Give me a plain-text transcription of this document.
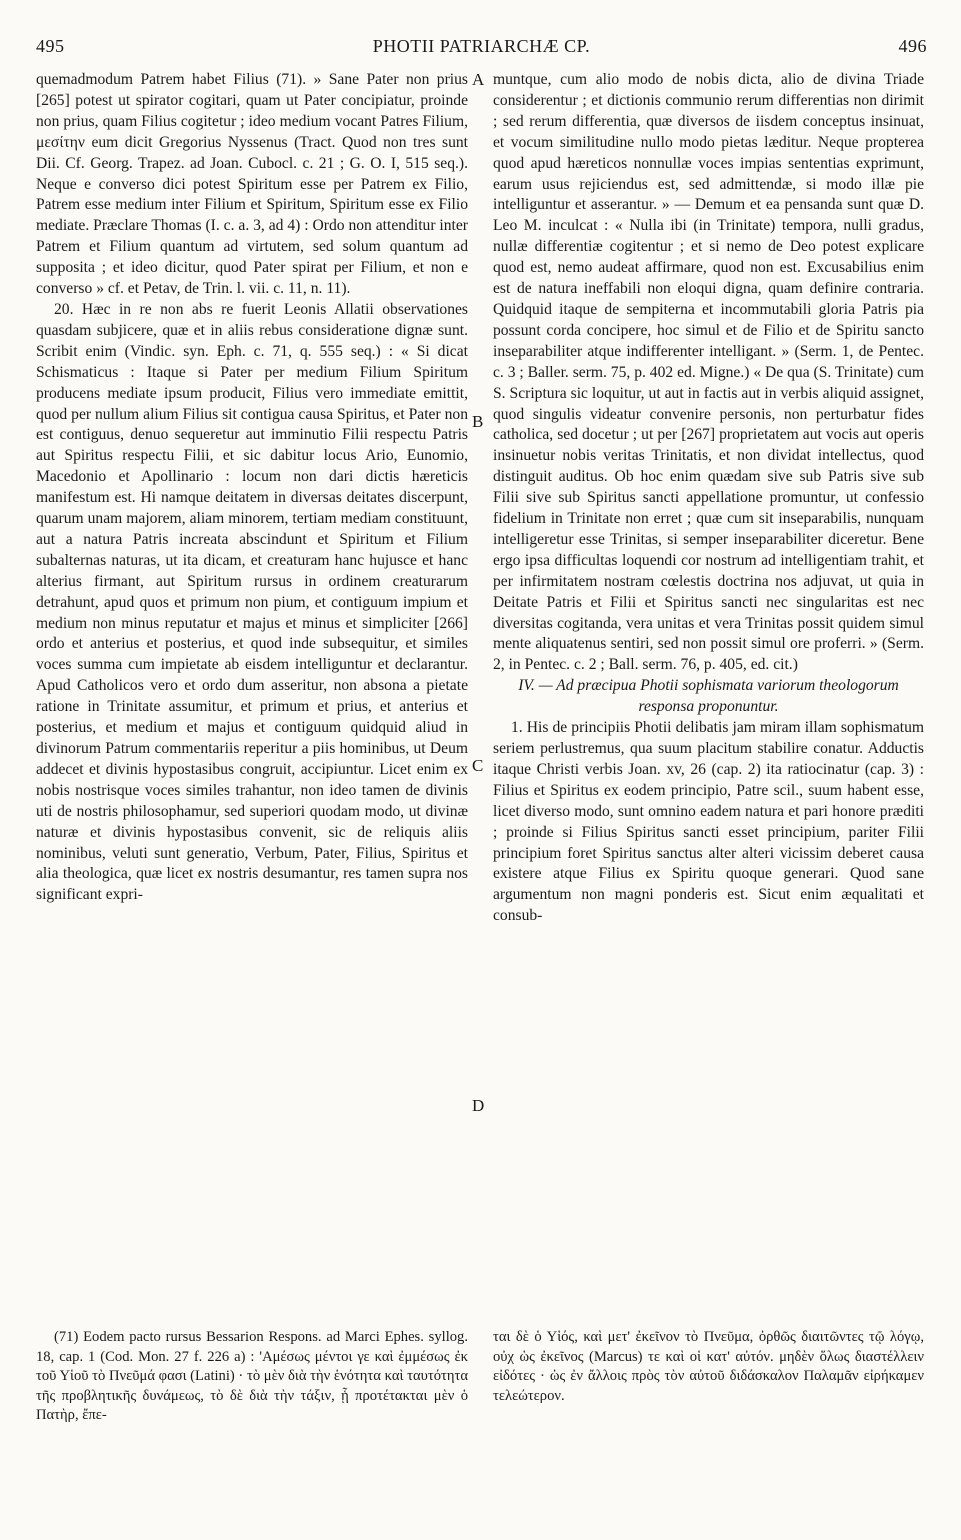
495	PHOTII PATRIARCHÆ CP.	496

quemadmodum Patrem habet Filius (71). » Sane Pater non prius [265] potest ut spirator cogitari, quam ut Pater concipiatur, proinde non prius, quam Filius cogitetur ; ideo medium vocant Patres Filium, μεσίτην eum dicit Gregorius Nyssenus (Tract. Quod non tres sunt Dii. Cf. Georg. Trapez. ad Joan. Cubocl. c. 21 ; G. O. I, 515 seq.). Neque e converso dici potest Spiritum esse per Patrem ex Filio, Patrem esse medium inter Filium et Spiritum, Spiritum esse ex Filio mediate. Præclare Thomas (I. c. a. 3, ad 4) : Ordo non attenditur inter Patrem et Filium quantum ad virtutem, sed solum quantum ad supposita ; et ideo dicitur, quod Pater spirat per Filium, et non e converso » cf. et Petav, de Trin. l. vii. c. 11, n. 11).

20. Hæc in re non abs re fuerit Leonis Allatii observationes quasdam subjicere, quæ et in aliis rebus consideratione dignæ sunt. Scribit enim (Vindic. syn. Eph. c. 71, q. 555 seq.) : « Si dicat Schismaticus : Itaque si Pater per medium Filium Spiritum producens mediate ipsum producit, Filius vero immediate emittit, quod per nullum alium Filius sit contigua causa Spiritus, et Pater non est contiguus, denuo sequeretur aut imminutio Filii respectu Patris aut Spiritus respectu Filii, et sic dabitur locus Ario, Eunomio, Macedonio et Apollinario : locum non dari dictis hæreticis manifestum est. Hi namque deitatem in diversas deitates discerpunt, quarum unam majorem, aliam minorem, tertiam mediam constituunt, aut a natura Patris increata abscindunt et Spiritum et Filium subalternas naturas, ut ita dicam, et creaturam hanc hujusce et hanc alterius firmant, aut Spiritum rursus in ordinem creaturarum detrahunt, apud quos et primum non pium, et contiguum impium et medium non minus reputatur et majus et minus et simpliciter [266] ordo et anterius et posterius, et quod inde subsequitur, et similes voces summa cum impietate ab eisdem intelliguntur et declarantur. Apud Catholicos vero et ordo dum asseritur, non absona a pietate ratione in Trinitate assumitur, et primum et prius, et anterius et posterius, et medium et majus et contiguum quidquid aliud in divinorum Patrum commentariis reperitur a piis hominibus, ut Deum addecet et divinis hypostasibus congruit, accipiuntur. Licet enim ex nobis nostrisque voces similes trahantur, non ideo tamen de divinis uti de nostris philosophamur, sed superiori quodam modo, ut divinæ naturæ et divinis hypostasibus convenit, sic de reliquis aliis nominibus, veluti sunt generatio, Verbum, Pater, Filius, Spiritus et alia theologica, quæ licet ex nostris desumantur, res tamen supra nos significant expri-

A
B
C
D

muntque, cum alio modo de nobis dicta, alio de divina Triade considerentur ; et dictionis communio rerum differentias non dirimit ; sed rerum differentia, quæ diversos de iisdem conceptus insinuat, et vocum similitudine nullo modo pietas læditur. Neque propterea quod apud hæreticos nonnullæ voces impias sententias exprimunt, earum usus rejiciendus est, sed admittendæ, si modo illæ pie intelliguntur et asserantur. » — Demum et ea pensanda sunt quæ D. Leo M. inculcat : « Nulla ibi (in Trinitate) tempora, nulli gradus, nullæ differentiæ cogitentur ; et si nemo de Deo potest explicare quod est, nemo audeat affirmare, quod non est. Excusabilius enim est de natura ineffabili non eloqui digna, quam definire contraria. Quidquid itaque de sempiterna et incommutabili gloria Patris pia possunt corda concipere, hoc simul et de Filio et de Spiritu sancto inseparabiliter atque indifferenter intelligant. » (Serm. 1, de Pentec. c. 3 ; Baller. serm. 75, p. 402 ed. Migne.) « De qua (S. Trinitate) cum S. Scriptura sic loquitur, ut aut in factis aut in verbis aliquid assignet, quod singulis videatur convenire personis, non perturbatur fides catholica, sed docetur ; ut per [267] proprietatem aut vocis aut operis insinuetur nobis veritas Trinitatis, et non dividat intellectus, quod distinguit auditus. Ob hoc enim quædam sive sub Patris sive sub Filii sive sub Spiritus sancti appellatione promuntur, ut confessio fidelium in Trinitate non erret ; quæ cum sit inseparabilis, nunquam intelligeretur esse Trinitas, si semper inseparabiliter diceretur. Bene ergo ipsa difficultas loquendi cor nostrum ad intelligentiam trahit, et per infirmitatem nostram cœlestis doctrina nos adjuvat, ut quia in Deitate Patris et Filii et Spiritus sancti nec singularitas est nec diversitas cogitanda, vera unitas et vera Trinitas possit quidem simul mente aliquatenus sentiri, sed non possit simul ore proferri. » (Serm. 2, in Pentec. c. 2 ; Ball. serm. 76, p. 405, ed. cit.)

IV. — Ad præcipua Photii sophismata variorum theologorum responsa proponuntur.

1. His de principiis Photii delibatis jam miram illam sophismatum seriem perlustremus, qua suum placitum stabilire conatur. Adductis itaque Christi verbis Joan. xv, 26 (cap. 2) ita ratiocinatur (cap. 3) : Filius et Spiritus ex eodem principio, Patre scil., suum habent esse, licet diverso modo, sunt omnino eadem natura et pari honore præditi ; proinde si Filius Spiritus sancti esset principium, pariter Filii principium foret Spiritus sanctus alter alteri vicissim deberet causa existere atque Filius ex Spiritu quoque generari. Quod sane argumentum non magni ponderis est. Sicut enim æqualitati et consub-

(71) Eodem pacto rursus Bessarion Respons. ad Marci Ephes. syllog. 18, cap. 1 (Cod. Mon. 27 f. 226 a) : 'Αμέσως μέντοι γε καὶ ἐμμέσως ἐκ τοῦ Υἱοῦ τὸ Πνεῦμά φασι (Latini) · τὸ μὲν διὰ τὴν ἑνότητα καὶ ταυτότητα τῆς προβλητικῆς δυνάμεως, τὸ δὲ διὰ τὴν τάξιν, ᾗ προτέτακται μὲν ὁ Πατὴρ, ἔπε-

ται δὲ ὁ Υἱός, καὶ μετ' ἐκεῖνον τὸ Πνεῦμα, ὀρθῶς διαιτῶντες τῷ λόγῳ, οὐχ ὡς ἐκεῖνος (Marcus) τε καὶ οἱ κατ' αὐτόν. μηδὲν ὅλως διαστέλλειν εἰδότες · ὡς ἐν ἄλλοις πρὸς τὸν αὐτοῦ διδάσκαλον Παλαμᾶν εἰρήκαμεν τελεώτερον.
